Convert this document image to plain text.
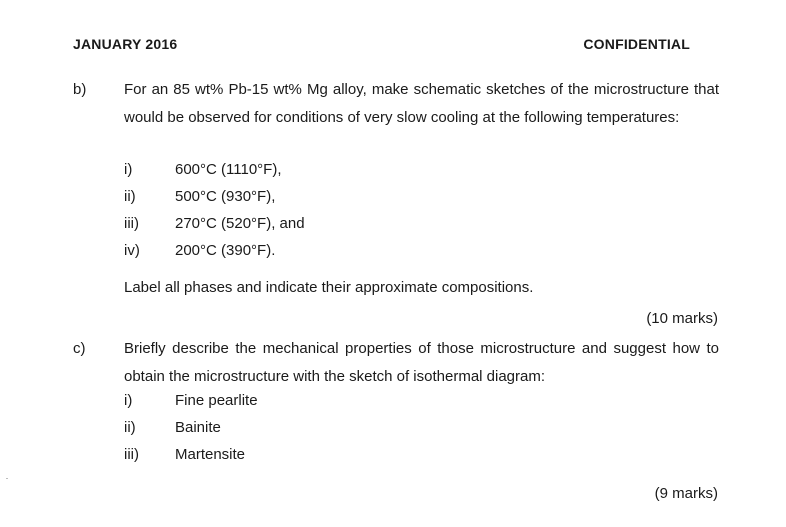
JANUARY 2016	CONFIDENTIAL
b)	For an 85 wt% Pb-15 wt% Mg alloy, make schematic sketches of the microstructure that would be observed for conditions of very slow cooling at the following temperatures:
i)	600°C (1110°F),
ii)	500°C (930°F),
iii) 270°C (520°F), and
iv) 200°C (390°F).
Label all phases and indicate their approximate compositions.
(10 marks)
c)	Briefly describe the mechanical properties of those microstructure and suggest how to obtain the microstructure with the sketch of isothermal diagram:
i)	Fine pearlite
ii)	Bainite
iii) Martensite
(9 marks)
